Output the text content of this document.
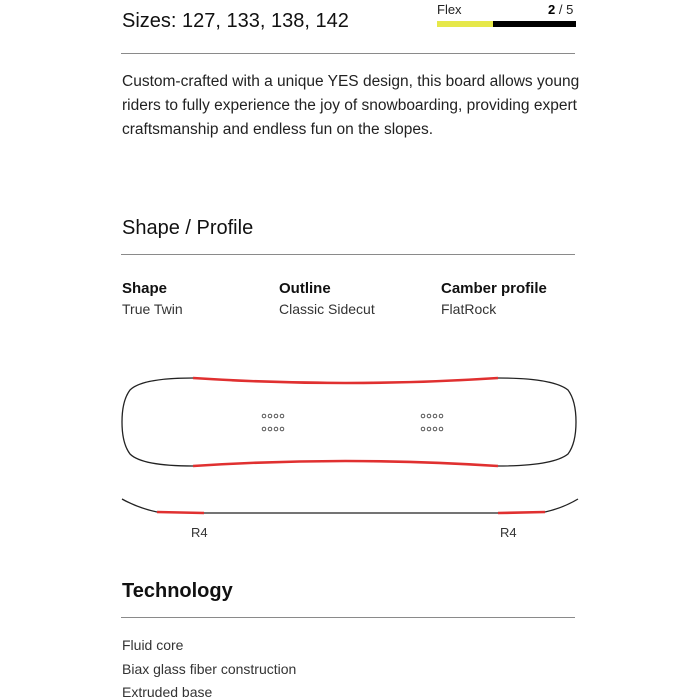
Sizes: 127, 133, 138, 142
Flex	2 / 5
Custom-crafted with a unique YES design, this board allows young riders to fully experience the joy of snowboarding, providing expert craftsmanship and endless fun on the slopes.
Shape / Profile
Shape
True Twin
Outline
Classic Sidecut
Camber profile
FlatRock
R4	R4
Technology
Fluid core
Biax glass fiber construction
Extruded base
